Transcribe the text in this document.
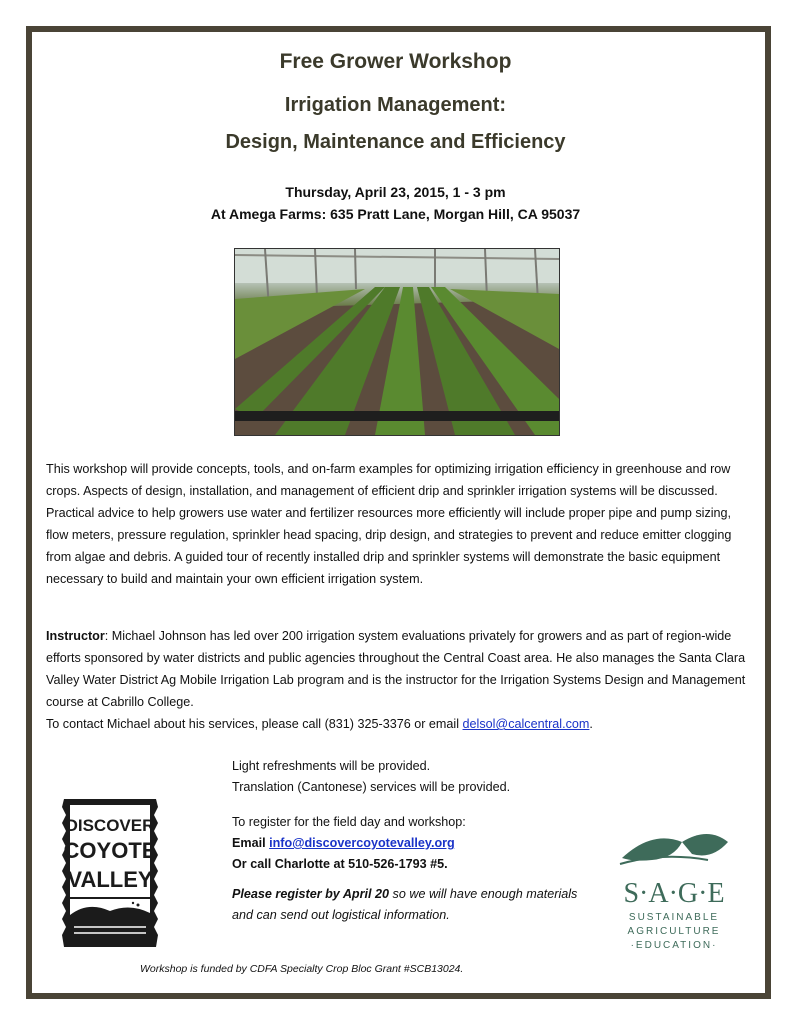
Free Grower Workshop
Irrigation Management:
Design, Maintenance and Efficiency
Thursday, April 23, 2015, 1 - 3 pm
At Amega Farms: 635 Pratt Lane, Morgan Hill, CA 95037

This workshop will provide concepts, tools, and on-farm examples for optimizing irrigation efficiency in greenhouse and row crops. Aspects of design, installation, and management of efficient drip and sprinkler irrigation systems will be discussed. Practical advice to help growers use water and fertilizer resources more efficiently will include proper pipe and pump sizing, flow meters, pressure regulation, sprinkler head spacing, drip design, and strategies to prevent and reduce emitter clogging from algae and debris. A guided tour of recently installed drip and sprinkler systems will demonstrate the basic equipment necessary to build and maintain your own efficient irrigation system.

Instructor: Michael Johnson has led over 200 irrigation system evaluations privately for growers and as part of region-wide efforts sponsored by water districts and public agencies throughout the Central Coast area. He also manages the Santa Clara Valley Water District Ag Mobile Irrigation Lab program and is the instructor for the Irrigation Systems Design and Management course at Cabrillo College.

To contact Michael about his services, please call (831) 325-3376 or email delsol@calcentral.com.

Light refreshments will be provided.

Translation (Cantonese) services will be provided.

To register for the field day and workshop:

Email info@discovercoyotevalley.org

Or call Charlotte at 510-526-1793 #5.

Please register by April 20 so we will have enough materials and can send out logistical information.

DISCOVER
COYOTE
VALLEY	S·A·G·E
SUSTAINABLE
AGRICULTURE
·EDUCATION·
Workshop is funded by CDFA Specialty Crop Bloc Grant #SCB13024.
